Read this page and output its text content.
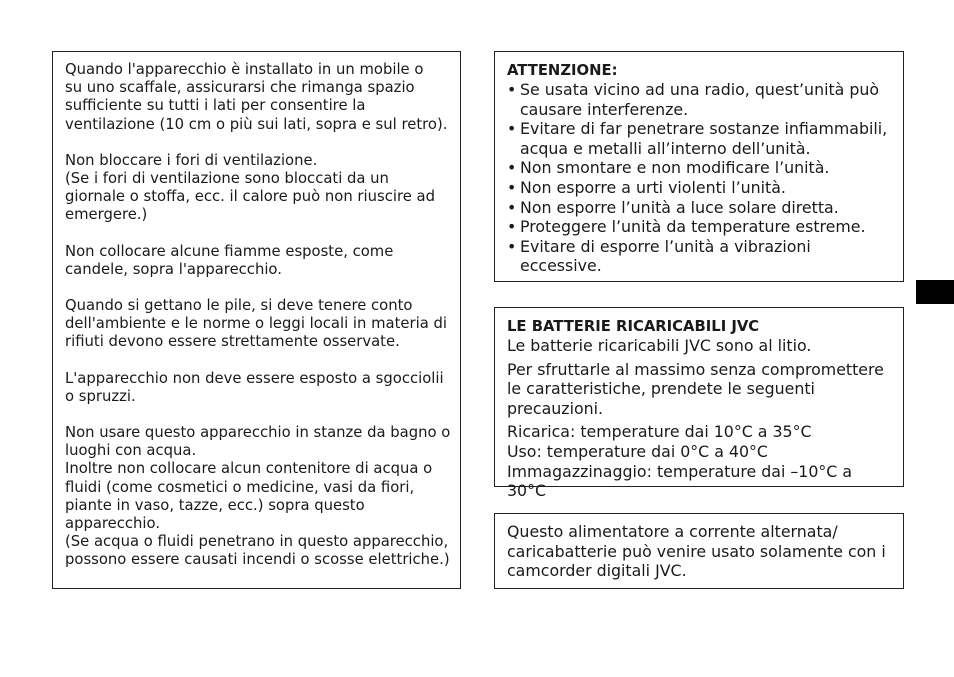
Quando l'apparecchio è installato in un mobile o
su uno scaffale, assicurarsi che rimanga spazio
sufficiente su tutti i lati per consentire la
ventilazione (10 cm o più sui lati, sopra e sul retro).

Non bloccare i fori di ventilazione.
(Se i fori di ventilazione sono bloccati da un
giornale o stoffa, ecc. il calore può non riuscire ad
emergere.)

Non collocare alcune fiamme esposte, come
candele, sopra l'apparecchio.

Quando si gettano le pile, si deve tenere conto
dell'ambiente e le norme o leggi locali in materia di
rifiuti devono essere strettamente osservate.

L'apparecchio non deve essere esposto a sgocciolii
o spruzzi.

Non usare questo apparecchio in stanze da bagno o
luoghi con acqua.
Inoltre non collocare alcun contenitore di acqua o
fluidi (come cosmetici o medicine, vasi da fiori,
piante in vaso, tazze, ecc.) sopra questo
apparecchio.
(Se acqua o fluidi penetrano in questo apparecchio,
possono essere causati incendi o scosse elettriche.)

ATTENZIONE:
• Se usata vicino ad una radio, quest’unità può causare interferenze.
• Evitare di far penetrare sostanze infiammabili, acqua e metalli all’interno dell’unità.
• Non smontare e non modificare l’unità.
• Non esporre a urti violenti l’unità.
• Non esporre l’unità a luce solare diretta.
• Proteggere l’unità da temperature estreme.
• Evitare di esporre l’unità a vibrazioni eccessive.
LE BATTERIE RICARICABILI JVC

Le batterie ricaricabili JVC sono al litio.

Per sfruttarle al massimo senza compromettere
le caratteristiche, prendete le seguenti
precauzioni.

Ricarica: temperature dai 10°C a 35°C
Uso: temperature dai 0°C a 40°C
Immagazzinaggio: temperature dai –10°C a 30°C

Questo alimentatore a corrente alternata/
caricabatterie può venire usato solamente con i
camcorder digitali JVC.
